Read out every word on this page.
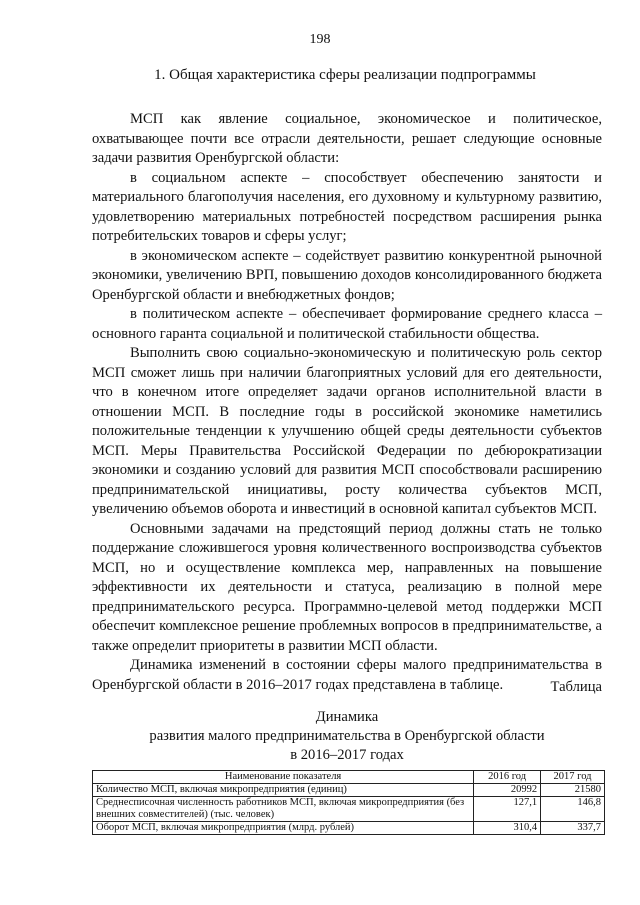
198
1. Общая характеристика сферы реализации подпрограммы

МСП как явление социальное, экономическое и политическое, охватывающее почти все отрасли деятельности, решает следующие основные задачи развития Оренбургской области:

в социальном аспекте – способствует обеспечению занятости и материального благополучия населения, его духовному и культурному развитию, удовлетворению материальных потребностей посредством расширения рынка потребительских товаров и сферы услуг;

в экономическом аспекте – содействует развитию конкурентной рыночной экономики, увеличению ВРП, повышению доходов консолидированного бюджета Оренбургской области и внебюджетных фондов;

в политическом аспекте – обеспечивает формирование среднего класса – основного гаранта социальной и политической стабильности общества.

Выполнить свою социально-экономическую и политическую роль сектор МСП сможет лишь при наличии благоприятных условий для его деятельности, что в конечном итоге определяет задачи органов исполнительной власти в отношении МСП. В последние годы в российской экономике наметились положительные тенденции к улучшению общей среды деятельности субъектов МСП. Меры Правительства Российской Федерации по дебюрократизации экономики и созданию условий для развития МСП способствовали расширению предпринимательской инициативы, росту количества субъектов МСП, увеличению объемов оборота и инвестиций в основной капитал субъектов МСП.

Основными задачами на предстоящий период должны стать не только поддержание сложившегося уровня количественного воспроизводства субъектов МСП, но и осуществление комплекса мер, направленных на повышение эффективности их деятельности и статуса, реализацию в полной мере предпринимательского ресурса. Программно-целевой метод поддержки МСП обеспечит комплексное решение проблемных вопросов в предпринимательстве, а также определит приоритеты в развитии МСП области.

Динамика изменений в состоянии сферы малого предпринимательства в Оренбургской области в 2016–2017 годах представлена в таблице.	Таблица
Динамика
развития малого предпринимательства в Оренбургской области
в 2016–2017 годах
Наименование показателя	2016 год	2017 год
Количество МСП, включая микропредприятия (единиц)	20992	21580
Среднесписочная численность работников МСП, включая микропредприятия (без внешних совместителей) (тыс. человек)	127,1	146,8
Оборот МСП, включая микропредприятия (млрд. рублей)	310,4	337,7
